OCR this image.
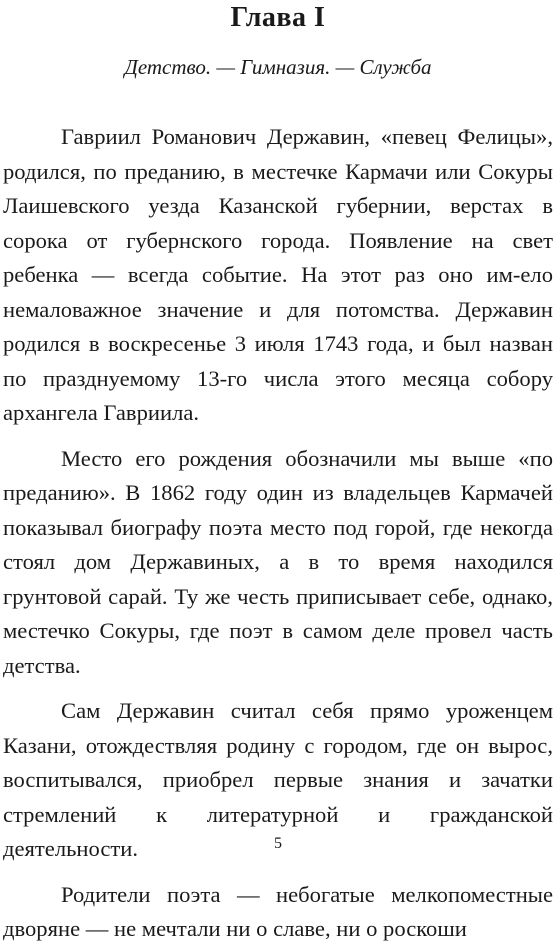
Глава I
Детство. — Гимназия. — Служба

Гавриил Романович Державин, «певец Фелицы», родился, по преданию, в местечке Кармачи или Сокуры Лаишевского уезда Казанской губернии, верстах в сорока от губернского города. Появление на свет ребенка — всегда событие. На этот раз оно им-ело немаловажное значение и для потомства. Державин родился в воскресенье 3 июля 1743 года, и был назван по празднуемому 13-го числа этого месяца собору архангела Гавриила.

Место его рождения обозначили мы выше «по преданию». В 1862 году один из владельцев Кармачей показывал биографу поэта место под горой, где некогда стоял дом Державиных, а в то время находился грунтовой сарай. Ту же честь приписывает себе, однако, местечко Сокуры, где поэт в самом деле провел часть детства.

Сам Державин считал себя прямо уроженцем Казани, отождествляя родину с городом, где он вырос, воспитывался, приобрел первые знания и зачатки стремлений к литературной и гражданской деятельности.

Родители поэта — небогатые мелкопоместные дворяне — не мечтали ни о славе, ни о роскоши

5
